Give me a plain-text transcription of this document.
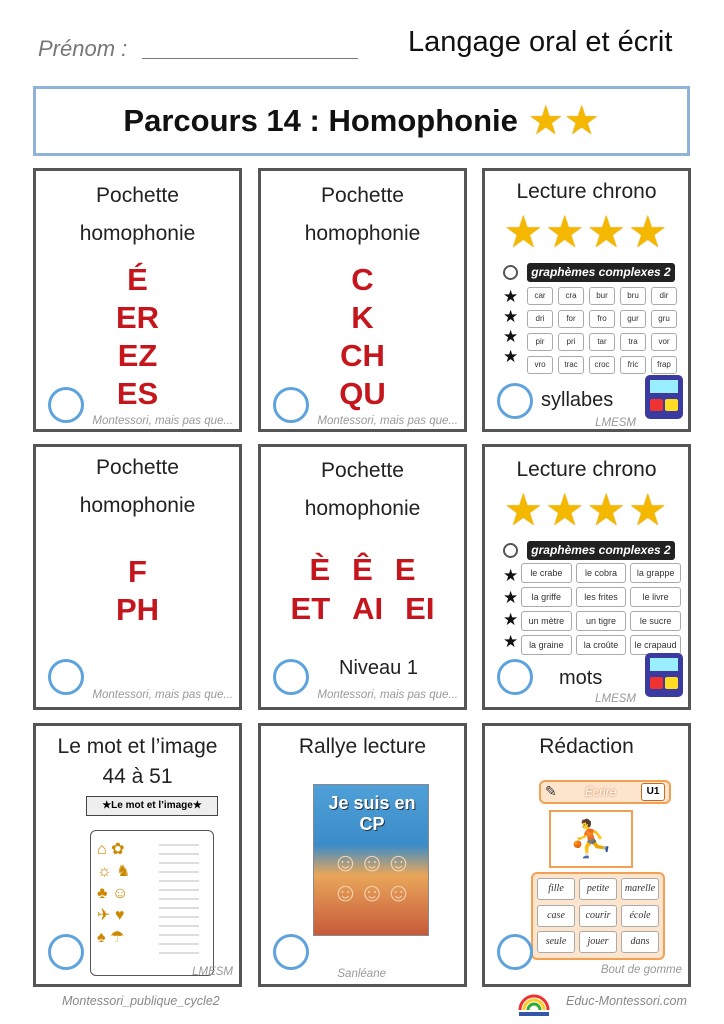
Prénom :	Langage oral et écrit
Parcours 14 : Homophonie ★ ★
Pochette
homophonie
É
ER
EZ
ES
Montessori, mais pas que...
Pochette
homophonie
C
K
CH
QU
Montessori, mais pas que...
Lecture chrono
★★★★
graphèmes complexes 2
★
★
★
★
car	cra	bur	bru	dir
dri	for	fro	gur	gru
pir	pri	tar	tra	vor
vro	trac	croc	fric	frap
syllabes
LMESM
Pochette
homophonie
F
PH
Montessori, mais pas que...
Pochette
homophonie
È Ê E
ET AI EI
Niveau 1
Montessori, mais pas que...
Lecture chrono
★★★★
graphèmes complexes 2
★
★
★
★
le crabe	le cobra	la grappe
la griffe	les frites	le livre
un mètre	un tigre	le sucre
la graine	la croûte	le crapaud
mots
LMESM
Le mot et l’image
44 à 51
★Le mot et l’image★
⌂ ✿
☼ ♞
♣ ☺
✈ ♥
♠ ☂
LMESM
Rallye lecture
Je suis en CP
☺☺☺
☺☺☺
Sanléane
Rédaction
✎ Écrire	U1
⛹
fille	petite	marelle
case	courir	école
seule	jouer	dans
Bout de gomme
Montessori_publique_cycle2	Educ-Montessori.com
